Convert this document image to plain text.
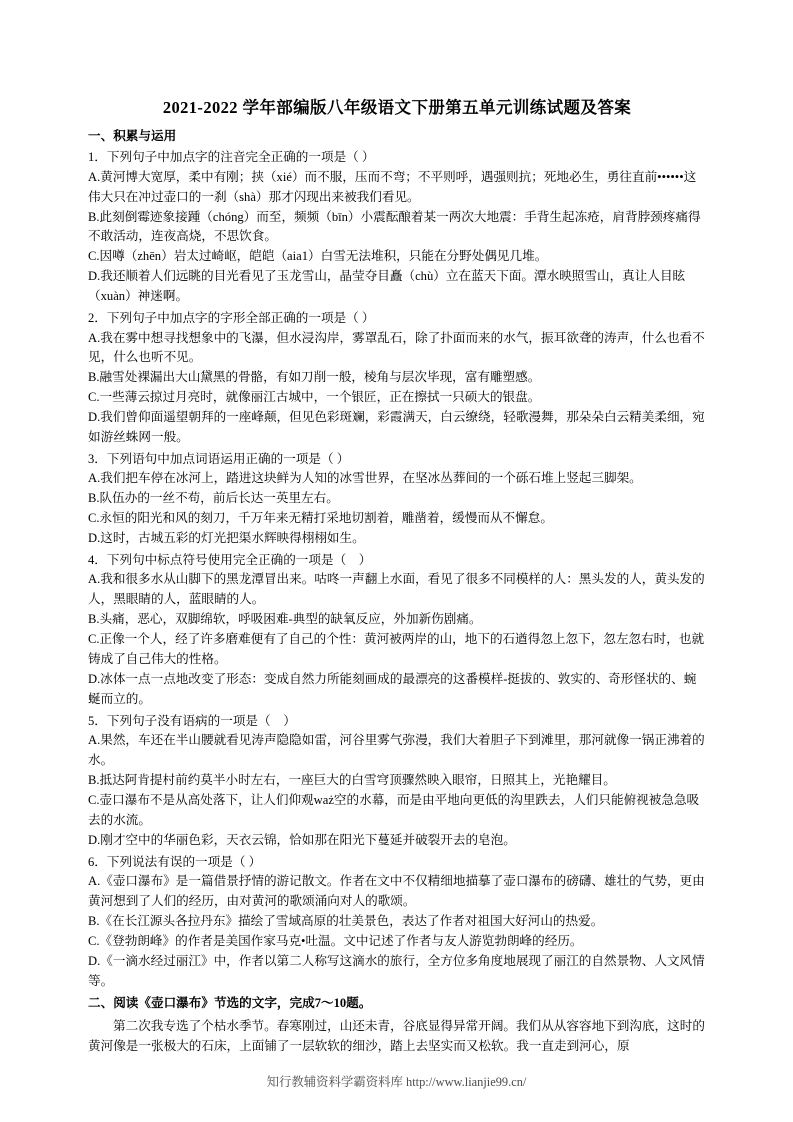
2021-2022 学年部编版八年级语文下册第五单元训练试题及答案
一、积累与运用
1．下列句子中加点字的注音完全正确的一项是（ ）
A.黄河博大宽厚，柔中有刚；挟（xié）而不服，压而不弯；不平则呼，遇强则抗；死地必生，勇往直前••••••这伟大只在冲过壶口的一刹（shà）那才闪现出来被我们看见。
B.此刻倒霉迹象接踵（chóng）而至，频频（bīn）小震酝酿着某一两次大地震：手背生起冻疮，肩背脖颈疼痛得不敢活动，连夜高烧，不思饮食。
C.因噂（zhēn）岩太过崎岖，皑皑（aia1）白雪无法堆积，只能在分野处偶见几堆。
D.我还顺着人们远眺的目光看见了玉龙雪山，晶莹夺目矗（chù）立在蓝天下面。潭水映照雪山，真让人目眩（xuàn）神迷啊。
2．下列句子中加点字的字形全部正确的一项是（ ）
A.我在雾中想寻找想象中的飞瀑，但水浸沟岸，雾罩乱石，除了扑面而来的水气，振耳欲聋的涛声，什么也看不见，什么也听不见。
B.融雪处裸漏出大山黛黑的骨骼，有如刀削一般，棱角与层次毕现，富有雕塑感。
C.一些薄云掠过月亮时，就像丽江古城中，一个银匠，正在擦拭一只硕大的银盘。
D.我们曾仰面遥望朝拜的一座峰颠，但见色彩斑斓，彩霞满天，白云缭绕，轻歌漫舞，那朵朵白云精美柔细，宛如游丝蛛网一般。
3．下列语句中加点词语运用正确的一项是（ ）
A.我们把车停在冰河上，踏进这块鲜为人知的冰雪世界，在坚冰丛葬间的一个砾石堆上竖起三脚架。
B.队伍办的一丝不苟，前后长达一英里左右。
C.永恒的阳光和风的刻刀，千万年来无精打采地切割着，雕凿着，缓慢而从不懈怠。
D.这时，古城五彩的灯光把渠水辉映得栩栩如生。
4．下列句中标点符号使用完全正确的一项是（　）
A.我和很多水从山脚下的黑龙潭冒出来。咕咚一声翻上水面，看见了很多不同模样的人：黑头发的人，黄头发的人，黑眼睛的人，蓝眼睛的人。
B.头痛，恶心，双脚绵软，呼吸困难-典型的缺氧反应，外加新伤剧痛。
C.正像一个人，经了许多磨难便有了自己的个性：黄河被两岸的山，地下的石遒得忽上忽下，忽左忽右时，也就铸成了自己伟大的性格。
D.冰体一点一点地改变了形态：变成自然力所能刻画成的最漂亮的这番模样-挺拔的、敦实的、奇形怪状的、蜿蜒而立的。
5．下列句子没有语病的一项是（　）
A.果然，车还在半山腰就看见涛声隐隐如雷，河谷里雾气弥漫，我们大着胆子下到滩里，那河就像一锅正沸着的水。
B.抵达阿肯提村前约莫半小时左右，一座巨大的白雪穹顶骤然映入眼帘，日照其上，光艳耀目。
C.壶口瀑布不是从高处落下，让人们仰观waż空的水幕，而是由平地向更低的沟里跌去，人们只能俯视被急急吸去的水流。
D.刚才空中的华丽色彩，天衣云锦，恰如那在阳光下蔓延并破裂开去的皂泡。
6．下列说法有误的一项是（ ）
A.《壶口瀑布》是一篇借景抒情的游记散文。作者在文中不仅精细地描摹了壶口瀑布的磅礴、雄壮的气势，更由黄河想到了人们的经历，由对黄河的歌颂涌向对人的歌颂。
B.《在长江源头各拉丹东》描绘了雪域高原的壮美景色，表达了作者对祖国大好河山的热爱。
C.《登勃朗峰》的作者是美国作家马克•吐温。文中记述了作者与友人游览勃朗峰的经历。
D.《一滴水经过丽江》中，作者以第二人称写这滴水的旅行，全方位多角度地展现了丽江的自然景物、人文风情等。
二、阅读《壶口瀑布》节选的文字，完成7～10题。
第二次我专选了个枯水季节。春寒刚过，山还未青，谷底显得异常开阔。我们从从容容地下到沟底，这时的黄河像是一张极大的石床，上面铺了一层软软的细沙，踏上去坚实而又松软。我一直走到河心，原
知行教辅资料学霸资料库 http://www.lianjie99.cn/
